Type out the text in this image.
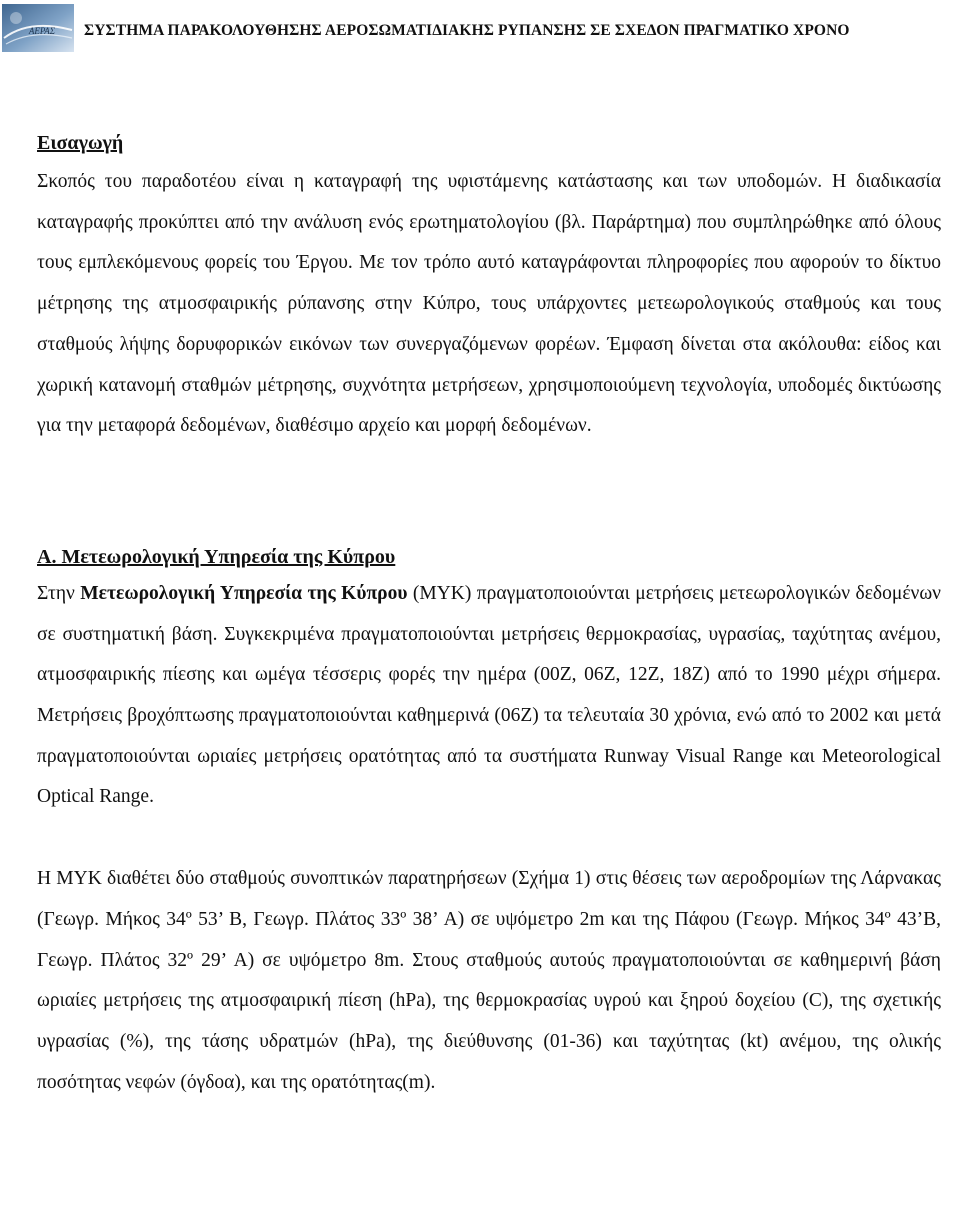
ΑΕΡΑΣ ΣΥΣΤΗΜΑ ΠΑΡΑΚΟΛΟΥΘΗΣΗΣ ΑΕΡΟΣΩΜΑΤΙΔΙΑΚΗΣ ΡΥΠΑΝΣΗΣ ΣΕ ΣΧΕΔΟΝ ΠΡΑΓΜΑΤΙΚΟ ΧΡΟΝΟ
Εισαγωγή

Σκοπός του παραδοτέου είναι η καταγραφή της υφιστάμενης κατάστασης και των υποδομών. Η διαδικασία καταγραφής προκύπτει από την ανάλυση ενός ερωτηματολογίου (βλ. Παράρτημα) που συμπληρώθηκε από όλους τους εμπλεκόμενους φορείς του Έργου. Με τον τρόπο αυτό καταγράφονται πληροφορίες που αφορούν το δίκτυο μέτρησης της ατμοσφαιρικής ρύπανσης στην Κύπρο, τους υπάρχοντες μετεωρολογικούς σταθμούς και τους σταθμούς λήψης δορυφορικών εικόνων των συνεργαζόμενων φορέων. Έμφαση δίνεται στα ακόλουθα: είδος και χωρική κατανομή σταθμών μέτρησης, συχνότητα μετρήσεων, χρησιμοποιούμενη τεχνολογία, υποδομές δικτύωσης για την μεταφορά δεδομένων, διαθέσιμο αρχείο και μορφή δεδομένων.

Α. Μετεωρολογική Υπηρεσία της Κύπρου

Στην Μετεωρολογική Υπηρεσία της Κύπρου (ΜΥΚ) πραγματοποιούνται μετρήσεις μετεωρολογικών δεδομένων σε συστηματική βάση. Συγκεκριμένα πραγματοποιούνται μετρήσεις θερμοκρασίας, υγρασίας, ταχύτητας ανέμου, ατμοσφαιρικής πίεσης και ωμέγα τέσσερις φορές την ημέρα (00Z, 06Z, 12Z, 18Z) από το 1990 μέχρι σήμερα. Μετρήσεις βροχόπτωσης πραγματοποιούνται καθημερινά (06Z) τα τελευταία 30 χρόνια, ενώ από το 2002 και μετά πραγματοποιούνται ωριαίες μετρήσεις ορατότητας από τα συστήματα Runway Visual Range και Meteorological Optical Range.

Η ΜΥΚ διαθέτει δύο σταθμούς συνοπτικών παρατηρήσεων (Σχήμα 1) στις θέσεις των αεροδρομίων της Λάρνακας (Γεωγρ. Μήκος 34º 53’ Β, Γεωγρ. Πλάτος 33º 38’ Α) σε υψόμετρο 2m και της Πάφου (Γεωγρ. Μήκος 34º 43’Β, Γεωγρ. Πλάτος 32º 29’ Α) σε υψόμετρο 8m. Στους σταθμούς αυτούς πραγματοποιούνται σε καθημερινή βάση ωριαίες μετρήσεις της ατμοσφαιρική πίεση (hPa), της θερμοκρασίας υγρού και ξηρού δοχείου (C), της σχετικής υγρασίας (%), της τάσης υδρατμών (hPa), της διεύθυνσης (01-36) και ταχύτητας (kt) ανέμου, της ολικής ποσότητας νεφών (όγδοα), και της ορατότητας(m).
